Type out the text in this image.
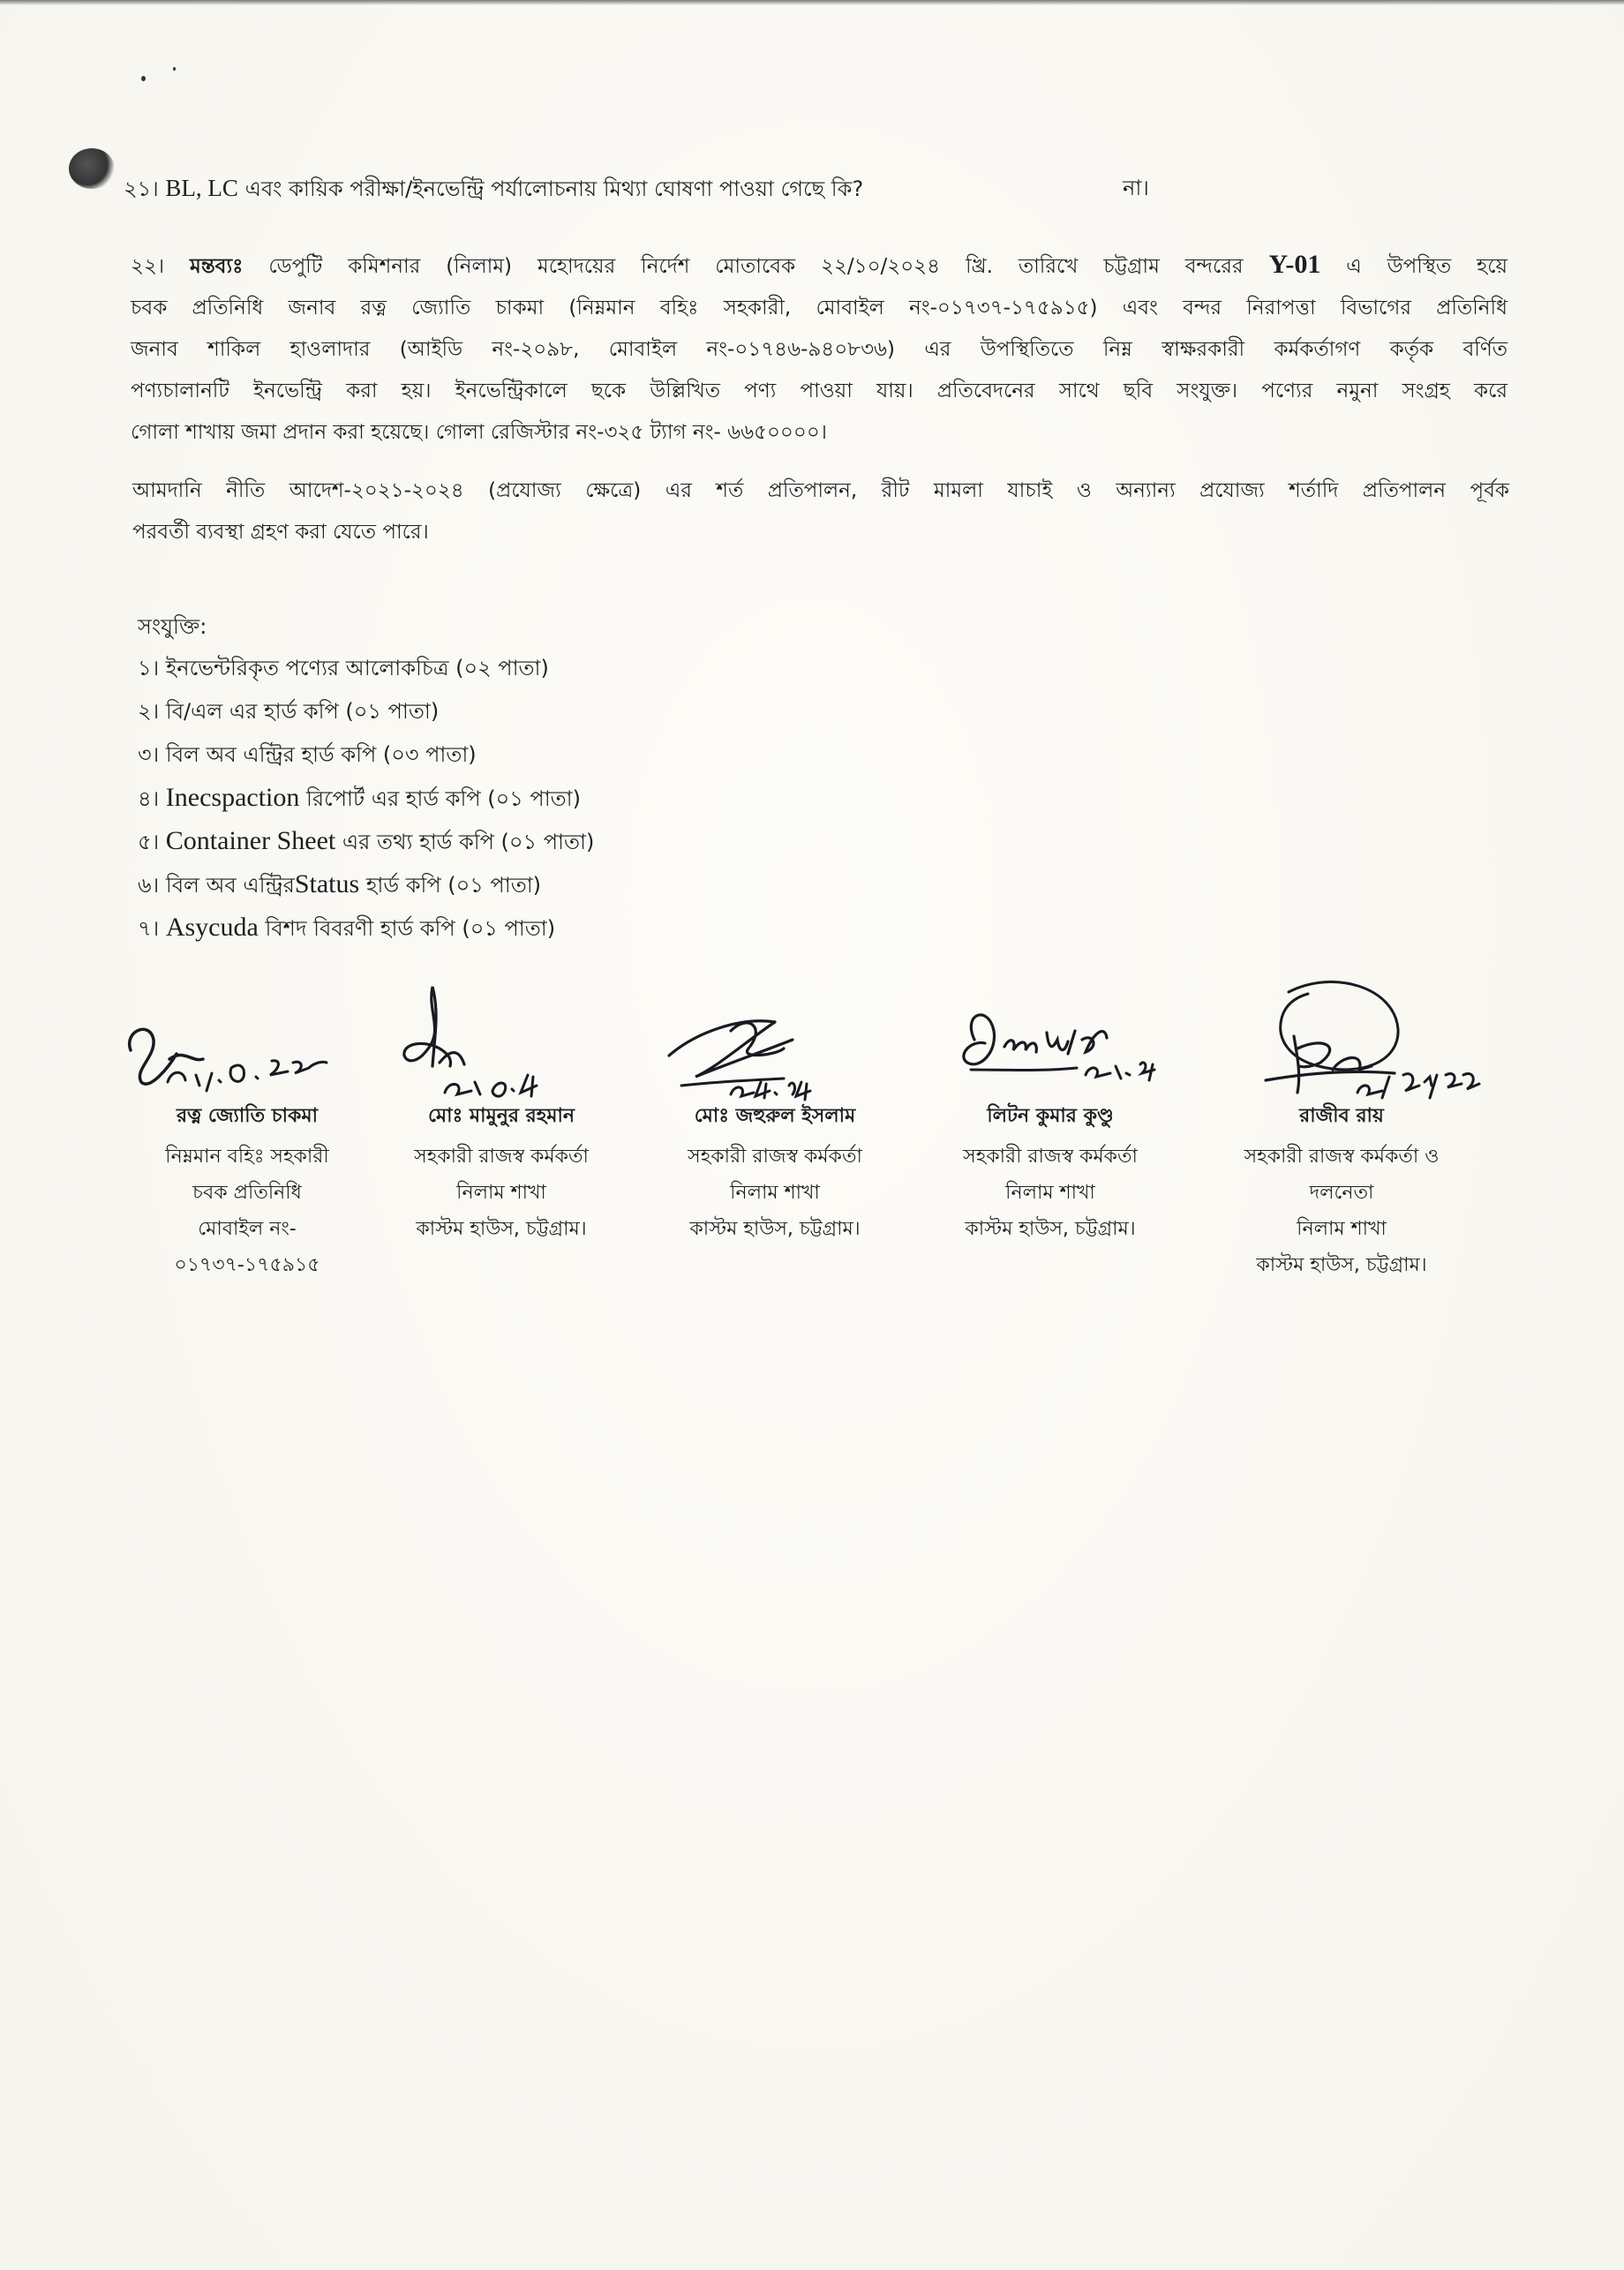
২১। BL, LC এবং কায়িক পরীক্ষা/ইনভেন্ট্রি পর্যালোচনায় মিথ্যা ঘোষণা পাওয়া গেছে কি?	না।
২২। মন্তব্যঃ ডেপুটি কমিশনার (নিলাম) মহোদয়ের নির্দেশ মোতাবেক ২২/১০/২০২৪ খ্রি. তারিখে চট্টগ্রাম বন্দরের Y-01 এ উপস্থিত হয়ে
চবক প্রতিনিধি জনাব রত্ন জ্যোতি চাকমা (নিম্নমান বহিঃ সহকারী, মোবাইল নং-০১৭৩৭-১৭৫৯১৫) এবং বন্দর নিরাপত্তা বিভাগের প্রতিনিধি
জনাব শাকিল হাওলাদার (আইডি নং-২০৯৮, মোবাইল নং-০১৭৪৬-৯৪০৮৩৬) এর উপস্থিতিতে নিম্ন স্বাক্ষরকারী কর্মকর্তাগণ কর্তৃক বর্ণিত
পণ্যচালানটি ইনভেন্ট্রি করা হয়। ইনভেন্ট্রিকালে ছকে উল্লিখিত পণ্য পাওয়া যায়। প্রতিবেদনের সাথে ছবি সংযুক্ত। পণ্যের নমুনা সংগ্রহ করে
গোলা শাখায় জমা প্রদান করা হয়েছে। গোলা রেজিস্টার নং-৩২৫ ট্যাগ নং- ৬৬৫০০০০।
আমদানি নীতি আদেশ-২০২১-২০২৪ (প্রযোজ্য ক্ষেত্রে) এর শর্ত প্রতিপালন, রীট মামলা যাচাই ও অন্যান্য প্রযোজ্য শর্তাদি প্রতিপালন পূর্বক
পরবর্তী ব্যবস্থা গ্রহণ করা যেতে পারে।
সংযুক্তি:
১। ইনভেন্টরিকৃত পণ্যের আলোকচিত্র (০২ পাতা)
২। বি/এল এর হার্ড কপি (০১ পাতা)
৩। বিল অব এন্ট্রির হার্ড কপি (০৩ পাতা)
৪। Inecspaction রিপোর্ট এর হার্ড কপি (০১ পাতা)
৫। Container Sheet এর তথ্য হার্ড কপি (০১ পাতা)
৬। বিল অব এন্ট্রিরStatus হার্ড কপি (০১ পাতা)
৭। Asycuda বিশদ বিবরণী হার্ড কপি (০১ পাতা)
রত্ন জ্যোতি চাকমা
নিম্নমান বহিঃ সহকারী
চবক প্রতিনিধি
মোবাইল নং-
০১৭৩৭-১৭৫৯১৫
মোঃ মামুনুর রহমান
সহকারী রাজস্ব কর্মকর্তা
নিলাম শাখা
কাস্টম হাউস, চট্টগ্রাম।
মোঃ জহুরুল ইসলাম
সহকারী রাজস্ব কর্মকর্তা
নিলাম শাখা
কাস্টম হাউস, চট্টগ্রাম।
লিটন কুমার কুণ্ডু
সহকারী রাজস্ব কর্মকর্তা
নিলাম শাখা
কাস্টম হাউস, চট্টগ্রাম।
রাজীব রায়
সহকারী রাজস্ব কর্মকর্তা ও
দলনেতা
নিলাম শাখা
কাস্টম হাউস, চট্টগ্রাম।
